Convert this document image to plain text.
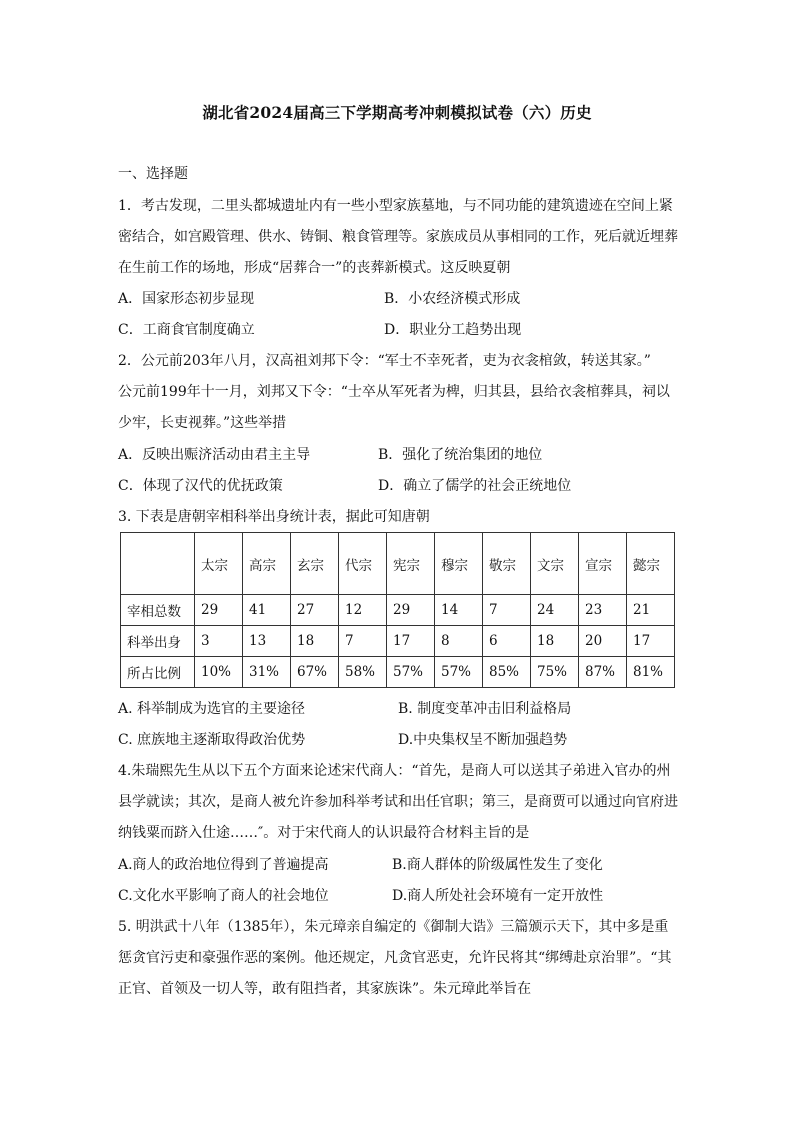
湖北省2024届高三下学期高考冲刺模拟试卷（六）历史
一、选择题
1．考古发现，二里头都城遗址内有一些小型家族墓地，与不同功能的建筑遗迹在空间上紧
密结合，如宫殿管理、供水、铸铜、粮食管理等。家族成员从事相同的工作，死后就近埋葬
在生前工作的场地，形成“居葬合一”的丧葬新模式。这反映夏朝
A．国家形态初步显现	B．小农经济模式形成
C．工商食官制度确立	D．职业分工趋势出现
2．公元前203年八月，汉高祖刘邦下令：“军士不幸死者，吏为衣衾棺敛，转送其家。”
公元前199年十一月，刘邦又下令：“士卒从军死者为椑，归其县，县给衣衾棺葬具，祠以
少牢，长吏视葬。”这些举措
A．反映出赈济活动由君主主导	B．强化了统治集团的地位
C．体现了汉代的优抚政策	D．确立了儒学的社会正统地位
3. 下表是唐朝宰相科举出身统计表，据此可知唐朝
	太宗	高宗	玄宗	代宗	宪宗	穆宗	敬宗	文宗	宣宗	懿宗
宰相总数	29	41	27	12	29	14	7	24	23	21
科举出身	3	13	18	7	17	8	6	18	20	17
所占比例	10%	31%	67%	58%	57%	57%	85%	75%	87%	81%
A. 科举制成为选官的主要途径	B. 制度变革冲击旧利益格局
C. 庶族地主逐渐取得政治优势	D.中央集权呈不断加强趋势
4.朱瑞熙先生从以下五个方面来论述宋代商人：“首先，是商人可以送其子弟进入官办的州
县学就读；其次，是商人被允许参加科举考试和出任官职；第三，是商贾可以通过向官府进
纳钱粟而跻入仕途……″。对于宋代商人的认识最符合材料主旨的是
A.商人的政治地位得到了普遍提高	B.商人群体的阶级属性发生了变化
C.文化水平影响了商人的社会地位	D.商人所处社会环境有一定开放性
5. 明洪武十八年（1385年），朱元璋亲自编定的《御制大诰》三篇颁示天下，其中多是重
惩贪官污吏和豪强作恶的案例。他还规定，凡贪官恶吏，允许民将其“绑缚赴京治罪”。“其
正官、首领及一切人等，敢有阻挡者，其家族诛”。朱元璋此举旨在
